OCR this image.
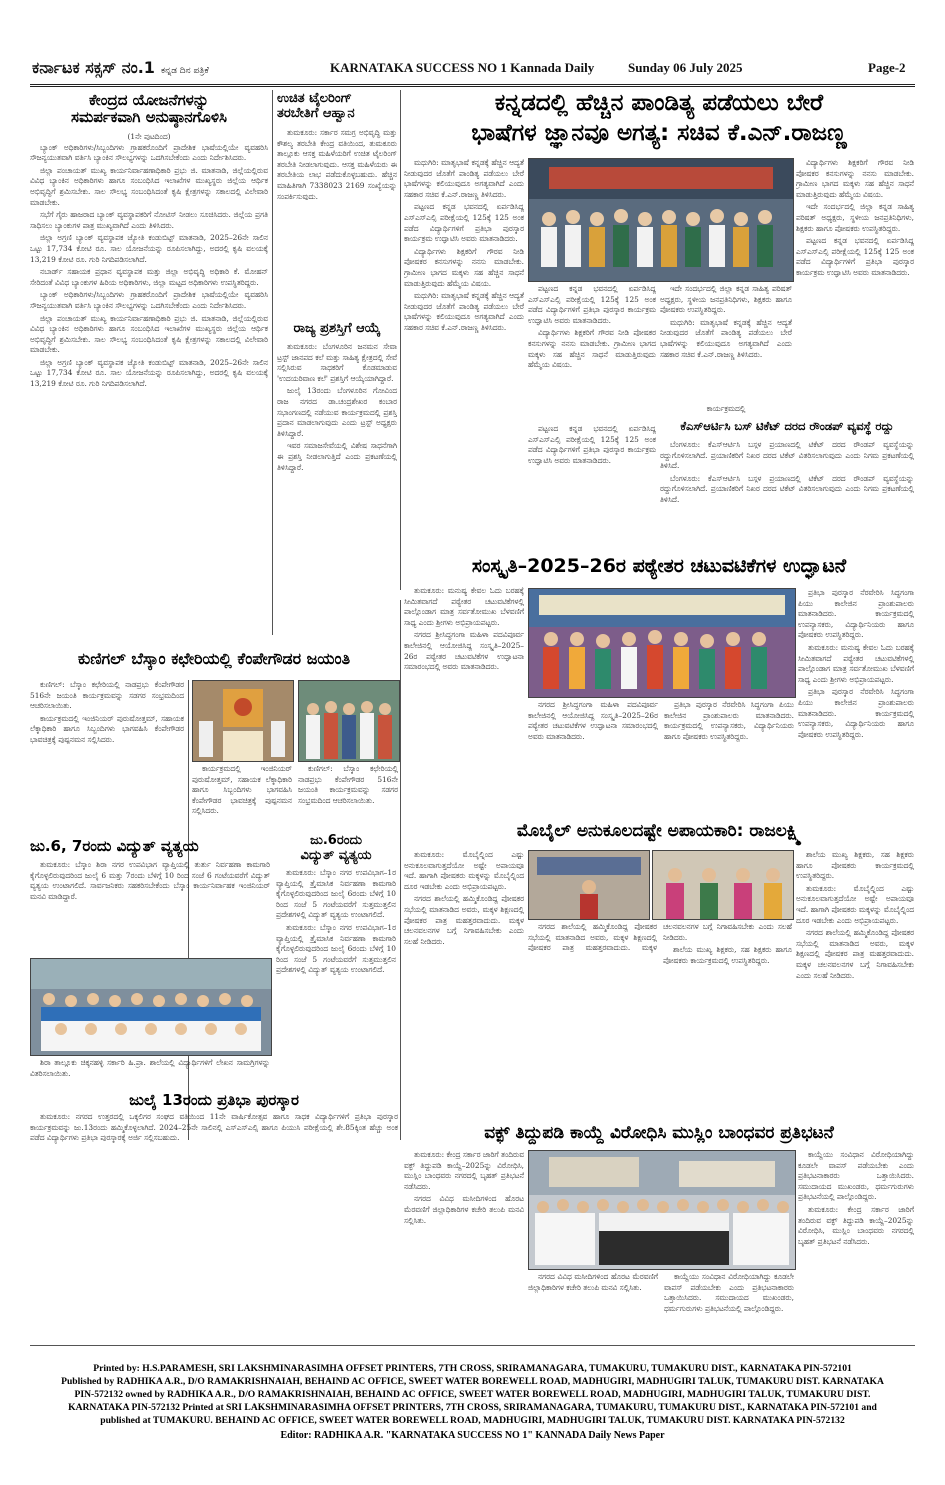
ಕರ್ನಾಟಕ ಸಕ್ಸಸ್ ನಂ.1 ಕನ್ನಡ ದಿನ ಪತ್ರಿಕೆ	KARNATAKA SUCCESS NO 1 Kannada Daily	Sunday 06 July 2025	Page-2
ಕೇಂದ್ರದ ಯೋಜನೆಗಳನ್ನು
ಸಮರ್ಪಕವಾಗಿ ಅನುಷ್ಠಾನಗೊಳಿಸಿ
(1ನೇ ಪುಟದಿಂದ)

ಬ್ಯಾಂಕ್ ಅಧಿಕಾರಿಗಳು/ಸಿಬ್ಬಂದಿಗಳು ಗ್ರಾಹಕರೊಂದಿಗೆ ಪ್ರಾದೇಶಿಕ ಭಾಷೆಯಲ್ಲಿಯೇ ವ್ಯವಹರಿಸಿ ಸೌಜನ್ಯಯುತವಾಗಿ ವರ್ತಿಸಿ ಬ್ಯಾಂಕಿನ ಸೌಲಭ್ಯಗಳನ್ನು ಒದಗಿಸಬೇಕೆಂದು ಎಂದು ನಿರ್ದೇಶಿಸಿದರು.

ಜಿಲ್ಲಾ ಪಂಚಾಯತ್ ಮುಖ್ಯ ಕಾರ್ಯನಿರ್ವಾಹಣಾಧಿಕಾರಿ ಪ್ರಭು ಜಿ. ಮಾತನಾಡಿ, ಜಿಲ್ಲೆಯಲ್ಲಿರುವ ವಿವಿಧ ಬ್ಯಾಂಕಿನ ಅಧಿಕಾರಿಗಳು ಹಾಗೂ ಸಂಬಂಧಿಸಿದ ಇಲಾಖೆಗಳ ಮುಖ್ಯಸ್ಥರು ಜಿಲ್ಲೆಯ ಆರ್ಥಿಕ ಅಭಿವೃದ್ಧಿಗೆ ಶ್ರಮಿಸಬೇಕು. ಸಾಲ ಸೌಲಭ್ಯ ಸಂಬಂಧಿಸಿದಂತೆ ಕೃಷಿ ಕ್ಷೇತ್ರಗಳನ್ನು ಸಕಾಲದಲ್ಲಿ ವಿಲೇವಾರಿ ಮಾಡಬೇಕು.

ಸಭೆಗೆ ಗೈರು ಹಾಜರಾದ ಬ್ಯಾಂಕ್ ವ್ಯವಸ್ಥಾಪಕರಿಗೆ ನೋಟಿಸ್ ನೀಡಲು ಸೂಚಿಸಿದರು. ಜಿಲ್ಲೆಯ ಪ್ರಗತಿ ಸಾಧಿಸಲು ಬ್ಯಾಂಕುಗಳ ಪಾತ್ರ ಮುಖ್ಯವಾಗಿದೆ ಎಂದು ತಿಳಿಸಿದರು.

ಜಿಲ್ಲಾ ಅಗ್ರಣಿ ಬ್ಯಾಂಕ್ ವ್ಯವಸ್ಥಾಪಕ ಜ್ಯೋತಿ ಕಂಡುಬಿಟ್ಟ್ ಮಾತನಾಡಿ, 2025–26ನೇ ಸಾಲಿನ ಒಟ್ಟು 17,734 ಕೋಟಿ ರೂ. ಸಾಲ ಯೋಜನೆಯನ್ನು ರೂಪಿಸಲಾಗಿದ್ದು, ಅದರಲ್ಲಿ ಕೃಷಿ ವಲಯಕ್ಕೆ 13,219 ಕೋಟಿ ರೂ. ಗುರಿ ನಿಗದಿಪಡಿಸಲಾಗಿದೆ.

ನಬಾರ್ಡ್ ಸಹಾಯಕ ಪ್ರಧಾನ ವ್ಯವಸ್ಥಾಪಕ ಮತ್ತು ಜಿಲ್ಲಾ ಅಭಿವೃದ್ಧಿ ಅಧಿಕಾರಿ ಕೆ. ಮೋಹನ್ ಸೇರಿದಂತೆ ವಿವಿಧ ಬ್ಯಾಂಕುಗಳ ಹಿರಿಯ ಅಧಿಕಾರಿಗಳು, ಜಿಲ್ಲಾ ಮಟ್ಟದ ಅಧಿಕಾರಿಗಳು ಉಪಸ್ಥಿತರಿದ್ದರು.

ಬ್ಯಾಂಕ್ ಅಧಿಕಾರಿಗಳು/ಸಿಬ್ಬಂದಿಗಳು ಗ್ರಾಹಕರೊಂದಿಗೆ ಪ್ರಾದೇಶಿಕ ಭಾಷೆಯಲ್ಲಿಯೇ ವ್ಯವಹರಿಸಿ ಸೌಜನ್ಯಯುತವಾಗಿ ವರ್ತಿಸಿ ಬ್ಯಾಂಕಿನ ಸೌಲಭ್ಯಗಳನ್ನು ಒದಗಿಸಬೇಕೆಂದು ಎಂದು ನಿರ್ದೇಶಿಸಿದರು.

ಜಿಲ್ಲಾ ಪಂಚಾಯತ್ ಮುಖ್ಯ ಕಾರ್ಯನಿರ್ವಾಹಣಾಧಿಕಾರಿ ಪ್ರಭು ಜಿ. ಮಾತನಾಡಿ, ಜಿಲ್ಲೆಯಲ್ಲಿರುವ ವಿವಿಧ ಬ್ಯಾಂಕಿನ ಅಧಿಕಾರಿಗಳು ಹಾಗೂ ಸಂಬಂಧಿಸಿದ ಇಲಾಖೆಗಳ ಮುಖ್ಯಸ್ಥರು ಜಿಲ್ಲೆಯ ಆರ್ಥಿಕ ಅಭಿವೃದ್ಧಿಗೆ ಶ್ರಮಿಸಬೇಕು. ಸಾಲ ಸೌಲಭ್ಯ ಸಂಬಂಧಿಸಿದಂತೆ ಕೃಷಿ ಕ್ಷೇತ್ರಗಳನ್ನು ಸಕಾಲದಲ್ಲಿ ವಿಲೇವಾರಿ ಮಾಡಬೇಕು.

ಜಿಲ್ಲಾ ಅಗ್ರಣಿ ಬ್ಯಾಂಕ್ ವ್ಯವಸ್ಥಾಪಕ ಜ್ಯೋತಿ ಕಂಡುಬಿಟ್ಟ್ ಮಾತನಾಡಿ, 2025–26ನೇ ಸಾಲಿನ ಒಟ್ಟು 17,734 ಕೋಟಿ ರೂ. ಸಾಲ ಯೋಜನೆಯನ್ನು ರೂಪಿಸಲಾಗಿದ್ದು, ಅದರಲ್ಲಿ ಕೃಷಿ ವಲಯಕ್ಕೆ 13,219 ಕೋಟಿ ರೂ. ಗುರಿ ನಿಗದಿಪಡಿಸಲಾಗಿದೆ.

ಉಚಿತ ಟೈಲರಿಂಗ್
ತರಬೇತಿಗೆ ಆಹ್ವಾನ

ತುಮಕೂರು: ಸರ್ಕಾರ ಸಮಗ್ರ ಅಭಿವೃದ್ಧಿ ಮತ್ತು ಕೌಶಲ್ಯ ತರಬೇತಿ ಕೇಂದ್ರ ವತಿಯಿಂದ, ತುಮಕೂರು ತಾಲ್ಲೂಕು ಆಸಕ್ತ ಮಹಿಳೆಯರಿಗೆ ಉಚಿತ ಟೈಲರಿಂಗ್ ತರಬೇತಿ ನೀಡಲಾಗುವುದು. ಆಸಕ್ತ ಮಹಿಳೆಯರು ಈ ತರಬೇತಿಯ ಲಾಭ ಪಡೆದುಕೊಳ್ಳಬಹುದು. ಹೆಚ್ಚಿನ ಮಾಹಿತಿಗಾಗಿ 7338023 2169 ಸಂಖ್ಯೆಯನ್ನು ಸಂಪರ್ಕಿಸುವುದು.

ರಾಜ್ಯ ಪ್ರಶಸ್ತಿಗೆ ಆಯ್ಕೆ

ತುಮಕೂರು: ಬೆಂಗಳೂರಿನ ಜನಮನ ಸೇವಾ ಟ್ರಸ್ಟ್ ಜಾನಪದ ಕಲೆ ಮತ್ತು ಸಾಹಿತ್ಯ ಕ್ಷೇತ್ರದಲ್ಲಿ ಸೇವೆ ಸಲ್ಲಿಸಿರುವ ಸಾಧಕರಿಗೆ ಕೊಡಮಾಡುವ 'ಉದಯರಿವಾಣ ಕಲೆ' ಪ್ರಶಸ್ತಿಗೆ ಆಯ್ಕೆಯಾಗಿದ್ದಾರೆ.

ಜುಲೈ 13ರಂದು ಬೆಂಗಳೂರಿನ ಗೋವಿಂದ ರಾಜ ನಗರದ ಡಾ.ಚಂದ್ರಶೇಖರ ಕಂಬಾರ ಸಭಾಂಗಣದಲ್ಲಿ ನಡೆಯುವ ಕಾರ್ಯಕ್ರಮದಲ್ಲಿ ಪ್ರಶಸ್ತಿ ಪ್ರದಾನ ಮಾಡಲಾಗುವುದು ಎಂದು ಟ್ರಸ್ಟ್ ಅಧ್ಯಕ್ಷರು ತಿಳಿಸಿದ್ದಾರೆ.

ಇವರ ಸಮಾಜಸೇವೆಯಲ್ಲಿ ವಿಶೇಷ ಸಾಧನೆಗಾಗಿ ಈ ಪ್ರಶಸ್ತಿ ನೀಡಲಾಗುತ್ತಿದೆ ಎಂದು ಪ್ರಕಟಣೆಯಲ್ಲಿ ತಿಳಿಸಿದ್ದಾರೆ.

ಕನ್ನಡದಲ್ಲಿ ಹೆಚ್ಚಿನ ಪಾಂಡಿತ್ಯ ಪಡೆಯಲು ಬೇರೆ
ಭಾಷೆಗಳ ಜ್ಞಾನವೂ ಅಗತ್ಯ: ಸಚಿವ ಕೆ.ಎನ್.ರಾಜಣ್ಣ

ಮಧುಗಿರಿ: ಮಾತೃಭಾಷೆ ಕನ್ನಡಕ್ಕೆ ಹೆಚ್ಚಿನ ಆದ್ಯತೆ ನೀಡುವುದರ ಜೊತೆಗೆ ಪಾಂಡಿತ್ಯ ಪಡೆಯಲು ಬೇರೆ ಭಾಷೆಗಳನ್ನು ಕಲಿಯುವುದೂ ಅಗತ್ಯವಾಗಿದೆ ಎಂದು ಸಹಕಾರ ಸಚಿವ ಕೆ.ಎನ್.ರಾಜಣ್ಣ ತಿಳಿಸಿದರು.

ಪಟ್ಟಣದ ಕನ್ನಡ ಭವನದಲ್ಲಿ ಏರ್ಪಡಿಸಿದ್ದ ಎಸ್ಎಸ್ಎಲ್ಸಿ ಪರೀಕ್ಷೆಯಲ್ಲಿ 125ಕ್ಕೆ 125 ಅಂಕ ಪಡೆದ ವಿದ್ಯಾರ್ಥಿಗಳಿಗೆ ಪ್ರತಿಭಾ ಪುರಸ್ಕಾರ ಕಾರ್ಯಕ್ರಮ ಉದ್ಘಾಟಿಸಿ ಅವರು ಮಾತನಾಡಿದರು.

ವಿದ್ಯಾರ್ಥಿಗಳು ಶಿಕ್ಷಕರಿಗೆ ಗೌರವ ನೀಡಿ ಪೋಷಕರ ಕನಸುಗಳನ್ನು ನನಸು ಮಾಡಬೇಕು. ಗ್ರಾಮೀಣ ಭಾಗದ ಮಕ್ಕಳು ಸಹ ಹೆಚ್ಚಿನ ಸಾಧನೆ ಮಾಡುತ್ತಿರುವುದು ಹೆಮ್ಮೆಯ ವಿಷಯ.

ಮಧುಗಿರಿ: ಮಾತೃಭಾಷೆ ಕನ್ನಡಕ್ಕೆ ಹೆಚ್ಚಿನ ಆದ್ಯತೆ ನೀಡುವುದರ ಜೊತೆಗೆ ಪಾಂಡಿತ್ಯ ಪಡೆಯಲು ಬೇರೆ ಭಾಷೆಗಳನ್ನು ಕಲಿಯುವುದೂ ಅಗತ್ಯವಾಗಿದೆ ಎಂದು ಸಹಕಾರ ಸಚಿವ ಕೆ.ಎನ್.ರಾಜಣ್ಣ ತಿಳಿಸಿದರು.

ಪಟ್ಟಣದ ಕನ್ನಡ ಭವನದಲ್ಲಿ ಏರ್ಪಡಿಸಿದ್ದ ಎಸ್ಎಸ್ಎಲ್ಸಿ ಪರೀಕ್ಷೆಯಲ್ಲಿ 125ಕ್ಕೆ 125 ಅಂಕ ಪಡೆದ ವಿದ್ಯಾರ್ಥಿಗಳಿಗೆ ಪ್ರತಿಭಾ ಪುರಸ್ಕಾರ ಕಾರ್ಯಕ್ರಮ ಉದ್ಘಾಟಿಸಿ ಅವರು ಮಾತನಾಡಿದರು.

ವಿದ್ಯಾರ್ಥಿಗಳು ಶಿಕ್ಷಕರಿಗೆ ಗೌರವ ನೀಡಿ ಪೋಷಕರ ಕನಸುಗಳನ್ನು ನನಸು ಮಾಡಬೇಕು. ಗ್ರಾಮೀಣ ಭಾಗದ ಮಕ್ಕಳು ಸಹ ಹೆಚ್ಚಿನ ಸಾಧನೆ ಮಾಡುತ್ತಿರುವುದು ಹೆಮ್ಮೆಯ ವಿಷಯ.

ಇದೇ ಸಂದರ್ಭದಲ್ಲಿ ಜಿಲ್ಲಾ ಕನ್ನಡ ಸಾಹಿತ್ಯ ಪರಿಷತ್ ಅಧ್ಯಕ್ಷರು, ಸ್ಥಳೀಯ ಜನಪ್ರತಿನಿಧಿಗಳು, ಶಿಕ್ಷಕರು ಹಾಗೂ ಪೋಷಕರು ಉಪಸ್ಥಿತರಿದ್ದರು.

ಮಧುಗಿರಿ: ಮಾತೃಭಾಷೆ ಕನ್ನಡಕ್ಕೆ ಹೆಚ್ಚಿನ ಆದ್ಯತೆ ನೀಡುವುದರ ಜೊತೆಗೆ ಪಾಂಡಿತ್ಯ ಪಡೆಯಲು ಬೇರೆ ಭಾಷೆಗಳನ್ನು ಕಲಿಯುವುದೂ ಅಗತ್ಯವಾಗಿದೆ ಎಂದು ಸಹಕಾರ ಸಚಿವ ಕೆ.ಎನ್.ರಾಜಣ್ಣ ತಿಳಿಸಿದರು.

ವಿದ್ಯಾರ್ಥಿಗಳು ಶಿಕ್ಷಕರಿಗೆ ಗೌರವ ನೀಡಿ ಪೋಷಕರ ಕನಸುಗಳನ್ನು ನನಸು ಮಾಡಬೇಕು. ಗ್ರಾಮೀಣ ಭಾಗದ ಮಕ್ಕಳು ಸಹ ಹೆಚ್ಚಿನ ಸಾಧನೆ ಮಾಡುತ್ತಿರುವುದು ಹೆಮ್ಮೆಯ ವಿಷಯ.

ಇದೇ ಸಂದರ್ಭದಲ್ಲಿ ಜಿಲ್ಲಾ ಕನ್ನಡ ಸಾಹಿತ್ಯ ಪರಿಷತ್ ಅಧ್ಯಕ್ಷರು, ಸ್ಥಳೀಯ ಜನಪ್ರತಿನಿಧಿಗಳು, ಶಿಕ್ಷಕರು ಹಾಗೂ ಪೋಷಕರು ಉಪಸ್ಥಿತರಿದ್ದರು.

ಪಟ್ಟಣದ ಕನ್ನಡ ಭವನದಲ್ಲಿ ಏರ್ಪಡಿಸಿದ್ದ ಎಸ್ಎಸ್ಎಲ್ಸಿ ಪರೀಕ್ಷೆಯಲ್ಲಿ 125ಕ್ಕೆ 125 ಅಂಕ ಪಡೆದ ವಿದ್ಯಾರ್ಥಿಗಳಿಗೆ ಪ್ರತಿಭಾ ಪುರಸ್ಕಾರ ಕಾರ್ಯಕ್ರಮ ಉದ್ಘಾಟಿಸಿ ಅವರು ಮಾತನಾಡಿದರು.

ಕಾರ್ಯಕ್ರಮದಲ್ಲಿ
ಕೆಎಸ್ಆರ್ಟಿಸಿ ಬಸ್ ಟಿಕೆಟ್ ದರದ ರೌಂಡಪ್ ವ್ಯವಸ್ಥೆ ರದ್ದು

ಬೆಂಗಳೂರು: ಕೆಎಸ್ಆರ್ಟಿಸಿ ಬಸ್ಗಳ ಪ್ರಯಾಣದಲ್ಲಿ ಟಿಕೆಟ್ ದರದ ರೌಂಡಪ್ ವ್ಯವಸ್ಥೆಯನ್ನು ರದ್ದುಗೊಳಿಸಲಾಗಿದೆ. ಪ್ರಯಾಣಿಕರಿಗೆ ನಿಖರ ದರದ ಟಿಕೆಟ್ ವಿತರಿಸಲಾಗುವುದು ಎಂದು ನಿಗಮ ಪ್ರಕಟಣೆಯಲ್ಲಿ ತಿಳಿಸಿದೆ.

ಬೆಂಗಳೂರು: ಕೆಎಸ್ಆರ್ಟಿಸಿ ಬಸ್ಗಳ ಪ್ರಯಾಣದಲ್ಲಿ ಟಿಕೆಟ್ ದರದ ರೌಂಡಪ್ ವ್ಯವಸ್ಥೆಯನ್ನು ರದ್ದುಗೊಳಿಸಲಾಗಿದೆ. ಪ್ರಯಾಣಿಕರಿಗೆ ನಿಖರ ದರದ ಟಿಕೆಟ್ ವಿತರಿಸಲಾಗುವುದು ಎಂದು ನಿಗಮ ಪ್ರಕಟಣೆಯಲ್ಲಿ ತಿಳಿಸಿದೆ.

ಪಟ್ಟಣದ ಕನ್ನಡ ಭವನದಲ್ಲಿ ಏರ್ಪಡಿಸಿದ್ದ ಎಸ್ಎಸ್ಎಲ್ಸಿ ಪರೀಕ್ಷೆಯಲ್ಲಿ 125ಕ್ಕೆ 125 ಅಂಕ ಪಡೆದ ವಿದ್ಯಾರ್ಥಿಗಳಿಗೆ ಪ್ರತಿಭಾ ಪುರಸ್ಕಾರ ಕಾರ್ಯಕ್ರಮ ಉದ್ಘಾಟಿಸಿ ಅವರು ಮಾತನಾಡಿದರು.

ಸಂಸ್ಕೃತಿ–2025–26ರ ಪಠ್ಯೇತರ ಚಟುವಟಿಕೆಗಳ ಉದ್ಘಾಟನೆ

ತುಮಕೂರು: ಮನುಷ್ಯ ಕೇವಲ ಓದು ಬರಹಕ್ಕೆ ಸೀಮಿತವಾಗದೆ ಪಠ್ಯೇತರ ಚಟುವಟಿಕೆಗಳಲ್ಲಿ ಪಾಲ್ಗೊಂಡಾಗ ಮಾತ್ರ ಸರ್ವತೋಮುಖ ಬೆಳವಣಿಗೆ ಸಾಧ್ಯ ಎಂದು ಶ್ರೀಗಳು ಅಭಿಪ್ರಾಯಪಟ್ಟರು.

ನಗರದ ಶ್ರೀಸಿದ್ಧಗಂಗಾ ಮಹಿಳಾ ಪದವಿಪೂರ್ವ ಕಾಲೇಜಿನಲ್ಲಿ ಆಯೋಜಿಸಿದ್ದ ಸಂಸ್ಕೃತಿ–2025–26ರ ಪಠ್ಯೇತರ ಚಟುವಟಿಕೆಗಳ ಉದ್ಘಾಟನಾ ಸಮಾರಂಭದಲ್ಲಿ ಅವರು ಮಾತನಾಡಿದರು.

ಪ್ರತಿಭಾ ಪುರಸ್ಕಾರ ನೆರವೇರಿಸಿ ಸಿದ್ಧಗಂಗಾ ಪಿಯು ಕಾಲೇಜಿನ ಪ್ರಾಂಶುಪಾಲರು ಮಾತನಾಡಿದರು. ಕಾರ್ಯಕ್ರಮದಲ್ಲಿ ಉಪನ್ಯಾಸಕರು, ವಿದ್ಯಾರ್ಥಿನಿಯರು ಹಾಗೂ ಪೋಷಕರು ಉಪಸ್ಥಿತರಿದ್ದರು.

ತುಮಕೂರು: ಮನುಷ್ಯ ಕೇವಲ ಓದು ಬರಹಕ್ಕೆ ಸೀಮಿತವಾಗದೆ ಪಠ್ಯೇತರ ಚಟುವಟಿಕೆಗಳಲ್ಲಿ ಪಾಲ್ಗೊಂಡಾಗ ಮಾತ್ರ ಸರ್ವತೋಮುಖ ಬೆಳವಣಿಗೆ ಸಾಧ್ಯ ಎಂದು ಶ್ರೀಗಳು ಅಭಿಪ್ರಾಯಪಟ್ಟರು.

ಪ್ರತಿಭಾ ಪುರಸ್ಕಾರ ನೆರವೇರಿಸಿ ಸಿದ್ಧಗಂಗಾ ಪಿಯು ಕಾಲೇಜಿನ ಪ್ರಾಂಶುಪಾಲರು ಮಾತನಾಡಿದರು. ಕಾರ್ಯಕ್ರಮದಲ್ಲಿ ಉಪನ್ಯಾಸಕರು, ವಿದ್ಯಾರ್ಥಿನಿಯರು ಹಾಗೂ ಪೋಷಕರು ಉಪಸ್ಥಿತರಿದ್ದರು.

ನಗರದ ಶ್ರೀಸಿದ್ಧಗಂಗಾ ಮಹಿಳಾ ಪದವಿಪೂರ್ವ ಕಾಲೇಜಿನಲ್ಲಿ ಆಯೋಜಿಸಿದ್ದ ಸಂಸ್ಕೃತಿ–2025–26ರ ಪಠ್ಯೇತರ ಚಟುವಟಿಕೆಗಳ ಉದ್ಘಾಟನಾ ಸಮಾರಂಭದಲ್ಲಿ ಅವರು ಮಾತನಾಡಿದರು.

ಪ್ರತಿಭಾ ಪುರಸ್ಕಾರ ನೆರವೇರಿಸಿ ಸಿದ್ಧಗಂಗಾ ಪಿಯು ಕಾಲೇಜಿನ ಪ್ರಾಂಶುಪಾಲರು ಮಾತನಾಡಿದರು. ಕಾರ್ಯಕ್ರಮದಲ್ಲಿ ಉಪನ್ಯಾಸಕರು, ವಿದ್ಯಾರ್ಥಿನಿಯರು ಹಾಗೂ ಪೋಷಕರು ಉಪಸ್ಥಿತರಿದ್ದರು.

ಕುಣಿಗಲ್ ಬೆಸ್ಕಾಂ ಕಛೇರಿಯಲ್ಲಿ ಕೆಂಪೇಗೌಡರ ಜಯಂತಿ

ಕುಣಿಗಲ್: ಬೆಸ್ಕಾಂ ಕಛೇರಿಯಲ್ಲಿ ನಾಡಪ್ರಭು ಕೆಂಪೇಗೌಡರ 516ನೇ ಜಯಂತಿ ಕಾರ್ಯಕ್ರಮವನ್ನು ಸಡಗರ ಸಂಭ್ರಮದಿಂದ ಆಚರಿಸಲಾಯಿತು.

ಕಾರ್ಯಕ್ರಮದಲ್ಲಿ ಇಂಜಿನಿಯರ್ ಪುರುಷೋತ್ತಮ್, ಸಹಾಯಕ ಲೆಕ್ಕಾಧಿಕಾರಿ ಹಾಗೂ ಸಿಬ್ಬಂದಿಗಳು ಭಾಗವಹಿಸಿ ಕೆಂಪೇಗೌಡರ ಭಾವಚಿತ್ರಕ್ಕೆ ಪುಷ್ಪನಮನ ಸಲ್ಲಿಸಿದರು.

ಕಾರ್ಯಕ್ರಮದಲ್ಲಿ ಇಂಜಿನಿಯರ್ ಪುರುಷೋತ್ತಮ್, ಸಹಾಯಕ ಲೆಕ್ಕಾಧಿಕಾರಿ ಹಾಗೂ ಸಿಬ್ಬಂದಿಗಳು ಭಾಗವಹಿಸಿ ಕೆಂಪೇಗೌಡರ ಭಾವಚಿತ್ರಕ್ಕೆ ಪುಷ್ಪನಮನ ಸಲ್ಲಿಸಿದರು.

ಕುಣಿಗಲ್: ಬೆಸ್ಕಾಂ ಕಛೇರಿಯಲ್ಲಿ ನಾಡಪ್ರಭು ಕೆಂಪೇಗೌಡರ 516ನೇ ಜಯಂತಿ ಕಾರ್ಯಕ್ರಮವನ್ನು ಸಡಗರ ಸಂಭ್ರಮದಿಂದ ಆಚರಿಸಲಾಯಿತು.

ಜು.6, 7ರಂದು ವಿದ್ಯುತ್ ವ್ಯತ್ಯಯ

ತುಮಕೂರು: ಬೆಸ್ಕಾಂ ಶಿರಾ ನಗರ ಉಪವಿಭಾಗ ವ್ಯಾಪ್ತಿಯಲ್ಲಿ ತುರ್ತು ನಿರ್ವಹಣಾ ಕಾಮಗಾರಿ ಕೈಗೊಳ್ಳಲಿರುವುದರಿಂದ ಜುಲೈ 6 ಮತ್ತು 7ರಂದು ಬೆಳಿಗ್ಗೆ 10 ರಿಂದ ಸಂಜೆ 6 ಗಂಟೆಯವರೆಗೆ ವಿದ್ಯುತ್ ವ್ಯತ್ಯಯ ಉಂಟಾಗಲಿದೆ. ಸಾರ್ವಜನಿಕರು ಸಹಕರಿಸಬೇಕೆಂದು ಬೆಸ್ಕಾಂ ಕಾರ್ಯನಿರ್ವಾಹಕ ಇಂಜಿನಿಯರ್ ಮನವಿ ಮಾಡಿದ್ದಾರೆ.

ಶಿರಾ ತಾಲ್ಲೂಕು ಚಿಕ್ಕನಹಳ್ಳಿ ಸರ್ಕಾರಿ ಹಿ.ಪ್ರಾ. ಶಾಲೆಯಲ್ಲಿ ವಿದ್ಯಾರ್ಥಿಗಳಿಗೆ ಲೇಖನ ಸಾಮಗ್ರಿಗಳನ್ನು ವಿತರಿಸಲಾಯಿತು.

ಜು.6ರಂದು
ವಿದ್ಯುತ್ ವ್ಯತ್ಯಯ

ತುಮಕೂರು: ಬೆಸ್ಕಾಂ ನಗರ ಉಪವಿಭಾಗ–1ರ ವ್ಯಾಪ್ತಿಯಲ್ಲಿ ತ್ರೈಮಾಸಿಕ ನಿರ್ವಹಣಾ ಕಾಮಗಾರಿ ಕೈಗೊಳ್ಳಲಿರುವುದರಿಂದ ಜುಲೈ 6ರಂದು ಬೆಳಿಗ್ಗೆ 10 ರಿಂದ ಸಂಜೆ 5 ಗಂಟೆಯವರೆಗೆ ಸುತ್ತಮುತ್ತಲಿನ ಪ್ರದೇಶಗಳಲ್ಲಿ ವಿದ್ಯುತ್ ವ್ಯತ್ಯಯ ಉಂಟಾಗಲಿದೆ.

ತುಮಕೂರು: ಬೆಸ್ಕಾಂ ನಗರ ಉಪವಿಭಾಗ–1ರ ವ್ಯಾಪ್ತಿಯಲ್ಲಿ ತ್ರೈಮಾಸಿಕ ನಿರ್ವಹಣಾ ಕಾಮಗಾರಿ ಕೈಗೊಳ್ಳಲಿರುವುದರಿಂದ ಜುಲೈ 6ರಂದು ಬೆಳಿಗ್ಗೆ 10 ರಿಂದ ಸಂಜೆ 5 ಗಂಟೆಯವರೆಗೆ ಸುತ್ತಮುತ್ತಲಿನ ಪ್ರದೇಶಗಳಲ್ಲಿ ವಿದ್ಯುತ್ ವ್ಯತ್ಯಯ ಉಂಟಾಗಲಿದೆ.

ಜುಲೈ 13ರಂದು ಪ್ರತಿಭಾ ಪುರಸ್ಕಾರ

ತುಮಕೂರು: ನಗರದ ಉತ್ತರದಲ್ಲಿ ಒಕ್ಕಲಿಗರ ಸಂಘದ ವತಿಯಿಂದ 11ನೇ ವಾರ್ಷಿಕೋತ್ಸವ ಹಾಗೂ ಸಾಧಕ ವಿದ್ಯಾರ್ಥಿಗಳಿಗೆ ಪ್ರತಿಭಾ ಪುರಸ್ಕಾರ ಕಾರ್ಯಕ್ರಮವನ್ನು ಜು.13ರಂದು ಹಮ್ಮಿಕೊಳ್ಳಲಾಗಿದೆ. 2024–25ನೇ ಸಾಲಿನಲ್ಲಿ ಎಸ್ಎಸ್ಎಲ್ಸಿ ಹಾಗೂ ಪಿಯುಸಿ ಪರೀಕ್ಷೆಯಲ್ಲಿ ಶೇ.85ಕ್ಕಿಂತ ಹೆಚ್ಚು ಅಂಕ ಪಡೆದ ವಿದ್ಯಾರ್ಥಿಗಳು ಪ್ರತಿಭಾ ಪುರಸ್ಕಾರಕ್ಕೆ ಅರ್ಜಿ ಸಲ್ಲಿಸಬಹುದು.

ಮೊಬೈಲ್ ಅನುಕೂಲದಷ್ಟೇ ಅಪಾಯಕಾರಿ: ರಾಜಲಕ್ಷ್ಮಿ

ತುಮಕೂರು: ಮೊಬೈಲ್ನಿಂದ ಎಷ್ಟು ಅನುಕೂಲವಾಗುತ್ತದೆಯೋ ಅಷ್ಟೇ ಅಪಾಯವೂ ಇದೆ. ಹಾಗಾಗಿ ಪೋಷಕರು ಮಕ್ಕಳನ್ನು ಮೊಬೈಲ್ನಿಂದ ದೂರ ಇಡಬೇಕು ಎಂದು ಅಭಿಪ್ರಾಯಪಟ್ಟರು.

ನಗರದ ಶಾಲೆಯಲ್ಲಿ ಹಮ್ಮಿಕೊಂಡಿದ್ದ ಪೋಷಕರ ಸಭೆಯಲ್ಲಿ ಮಾತನಾಡಿದ ಅವರು, ಮಕ್ಕಳ ಶಿಕ್ಷಣದಲ್ಲಿ ಪೋಷಕರ ಪಾತ್ರ ಮಹತ್ತರವಾದುದು. ಮಕ್ಕಳ ಚಲನವಲನಗಳ ಬಗ್ಗೆ ನಿಗಾವಹಿಸಬೇಕು ಎಂದು ಸಲಹೆ ನೀಡಿದರು.

ನಗರದ ಶಾಲೆಯಲ್ಲಿ ಹಮ್ಮಿಕೊಂಡಿದ್ದ ಪೋಷಕರ ಸಭೆಯಲ್ಲಿ ಮಾತನಾಡಿದ ಅವರು, ಮಕ್ಕಳ ಶಿಕ್ಷಣದಲ್ಲಿ ಪೋಷಕರ ಪಾತ್ರ ಮಹತ್ತರವಾದುದು. ಮಕ್ಕಳ ಚಲನವಲನಗಳ ಬಗ್ಗೆ ನಿಗಾವಹಿಸಬೇಕು ಎಂದು ಸಲಹೆ ನೀಡಿದರು.

ಶಾಲೆಯ ಮುಖ್ಯ ಶಿಕ್ಷಕರು, ಸಹ ಶಿಕ್ಷಕರು ಹಾಗೂ ಪೋಷಕರು ಕಾರ್ಯಕ್ರಮದಲ್ಲಿ ಉಪಸ್ಥಿತರಿದ್ದರು.

ಶಾಲೆಯ ಮುಖ್ಯ ಶಿಕ್ಷಕರು, ಸಹ ಶಿಕ್ಷಕರು ಹಾಗೂ ಪೋಷಕರು ಕಾರ್ಯಕ್ರಮದಲ್ಲಿ ಉಪಸ್ಥಿತರಿದ್ದರು.

ತುಮಕೂರು: ಮೊಬೈಲ್ನಿಂದ ಎಷ್ಟು ಅನುಕೂಲವಾಗುತ್ತದೆಯೋ ಅಷ್ಟೇ ಅಪಾಯವೂ ಇದೆ. ಹಾಗಾಗಿ ಪೋಷಕರು ಮಕ್ಕಳನ್ನು ಮೊಬೈಲ್ನಿಂದ ದೂರ ಇಡಬೇಕು ಎಂದು ಅಭಿಪ್ರಾಯಪಟ್ಟರು.

ನಗರದ ಶಾಲೆಯಲ್ಲಿ ಹಮ್ಮಿಕೊಂಡಿದ್ದ ಪೋಷಕರ ಸಭೆಯಲ್ಲಿ ಮಾತನಾಡಿದ ಅವರು, ಮಕ್ಕಳ ಶಿಕ್ಷಣದಲ್ಲಿ ಪೋಷಕರ ಪಾತ್ರ ಮಹತ್ತರವಾದುದು. ಮಕ್ಕಳ ಚಲನವಲನಗಳ ಬಗ್ಗೆ ನಿಗಾವಹಿಸಬೇಕು ಎಂದು ಸಲಹೆ ನೀಡಿದರು.

ವಕ್ಫ್ ತಿದ್ದುಪಡಿ ಕಾಯ್ದೆ ವಿರೋಧಿಸಿ ಮುಸ್ಲಿಂ ಬಾಂಧವರ ಪ್ರತಿಭಟನೆ

ತುಮಕೂರು: ಕೇಂದ್ರ ಸರ್ಕಾರ ಜಾರಿಗೆ ತಂದಿರುವ ವಕ್ಫ್ ತಿದ್ದುಪಡಿ ಕಾಯ್ದೆ–2025ನ್ನು ವಿರೋಧಿಸಿ, ಮುಸ್ಲಿಂ ಬಾಂಧವರು ನಗರದಲ್ಲಿ ಬೃಹತ್ ಪ್ರತಿಭಟನೆ ನಡೆಸಿದರು.

ನಗರದ ವಿವಿಧ ಮಸೀದಿಗಳಿಂದ ಹೊರಟ ಮೆರವಣಿಗೆ ಜಿಲ್ಲಾಧಿಕಾರಿಗಳ ಕಚೇರಿ ತಲುಪಿ ಮನವಿ ಸಲ್ಲಿಸಿತು.

ನಗರದ ವಿವಿಧ ಮಸೀದಿಗಳಿಂದ ಹೊರಟ ಮೆರವಣಿಗೆ ಜಿಲ್ಲಾಧಿಕಾರಿಗಳ ಕಚೇರಿ ತಲುಪಿ ಮನವಿ ಸಲ್ಲಿಸಿತು.

ಕಾಯ್ದೆಯು ಸಂವಿಧಾನ ವಿರೋಧಿಯಾಗಿದ್ದು ಕೂಡಲೇ ವಾಪಸ್ ಪಡೆಯಬೇಕು ಎಂದು ಪ್ರತಿಭಟನಾಕಾರರು ಒತ್ತಾಯಿಸಿದರು. ಸಮುದಾಯದ ಮುಖಂಡರು, ಧರ್ಮಗುರುಗಳು ಪ್ರತಿಭಟನೆಯಲ್ಲಿ ಪಾಲ್ಗೊಂಡಿದ್ದರು.

ಕಾಯ್ದೆಯು ಸಂವಿಧಾನ ವಿರೋಧಿಯಾಗಿದ್ದು ಕೂಡಲೇ ವಾಪಸ್ ಪಡೆಯಬೇಕು ಎಂದು ಪ್ರತಿಭಟನಾಕಾರರು ಒತ್ತಾಯಿಸಿದರು. ಸಮುದಾಯದ ಮುಖಂಡರು, ಧರ್ಮಗುರುಗಳು ಪ್ರತಿಭಟನೆಯಲ್ಲಿ ಪಾಲ್ಗೊಂಡಿದ್ದರು.

ತುಮಕೂರು: ಕೇಂದ್ರ ಸರ್ಕಾರ ಜಾರಿಗೆ ತಂದಿರುವ ವಕ್ಫ್ ತಿದ್ದುಪಡಿ ಕಾಯ್ದೆ–2025ನ್ನು ವಿರೋಧಿಸಿ, ಮುಸ್ಲಿಂ ಬಾಂಧವರು ನಗರದಲ್ಲಿ ಬೃಹತ್ ಪ್ರತಿಭಟನೆ ನಡೆಸಿದರು.

Printed by: H.S.PARAMESH, SRI LAKSHMINARASIMHA OFFSET PRINTERS, 7TH CROSS, SRIRAMANAGARA, TUMAKURU, TUMAKURU DIST., KARNATAKA PIN-572101
Published by RADHIKA A.R., D/O RAMAKRISHNAIAH, BEHAIND AC OFFICE, SWEET WATER BOREWELL ROAD, MADHUGIRI, MADHUGIRI TALUK, TUMAKURU DIST. KARNATAKA
PIN-572132 owned by RADHIKA A.R., D/O RAMAKRISHNAIAH, BEHAIND AC OFFICE, SWEET WATER BOREWELL ROAD, MADHUGIRI, MADHUGIRI TALUK, TUMAKURU DIST.
KARNATAKA PIN-572132 Printed at SRI LAKSHMINARASIMHA OFFSET PRINTERS, 7TH CROSS, SRIRAMANAGARA, TUMAKURU, TUMAKURU DIST., KARNATAKA PIN-572101 and
published at TUMAKURU. BEHAIND AC OFFICE, SWEET WATER BOREWELL ROAD, MADHUGIRI, MADHUGIRI TALUK, TUMAKURU DIST. KARNATAKA PIN-572132
Editor: RADHIKA A.R. "KARNATAKA SUCCESS NO 1" KANNADA Daily News Paper
